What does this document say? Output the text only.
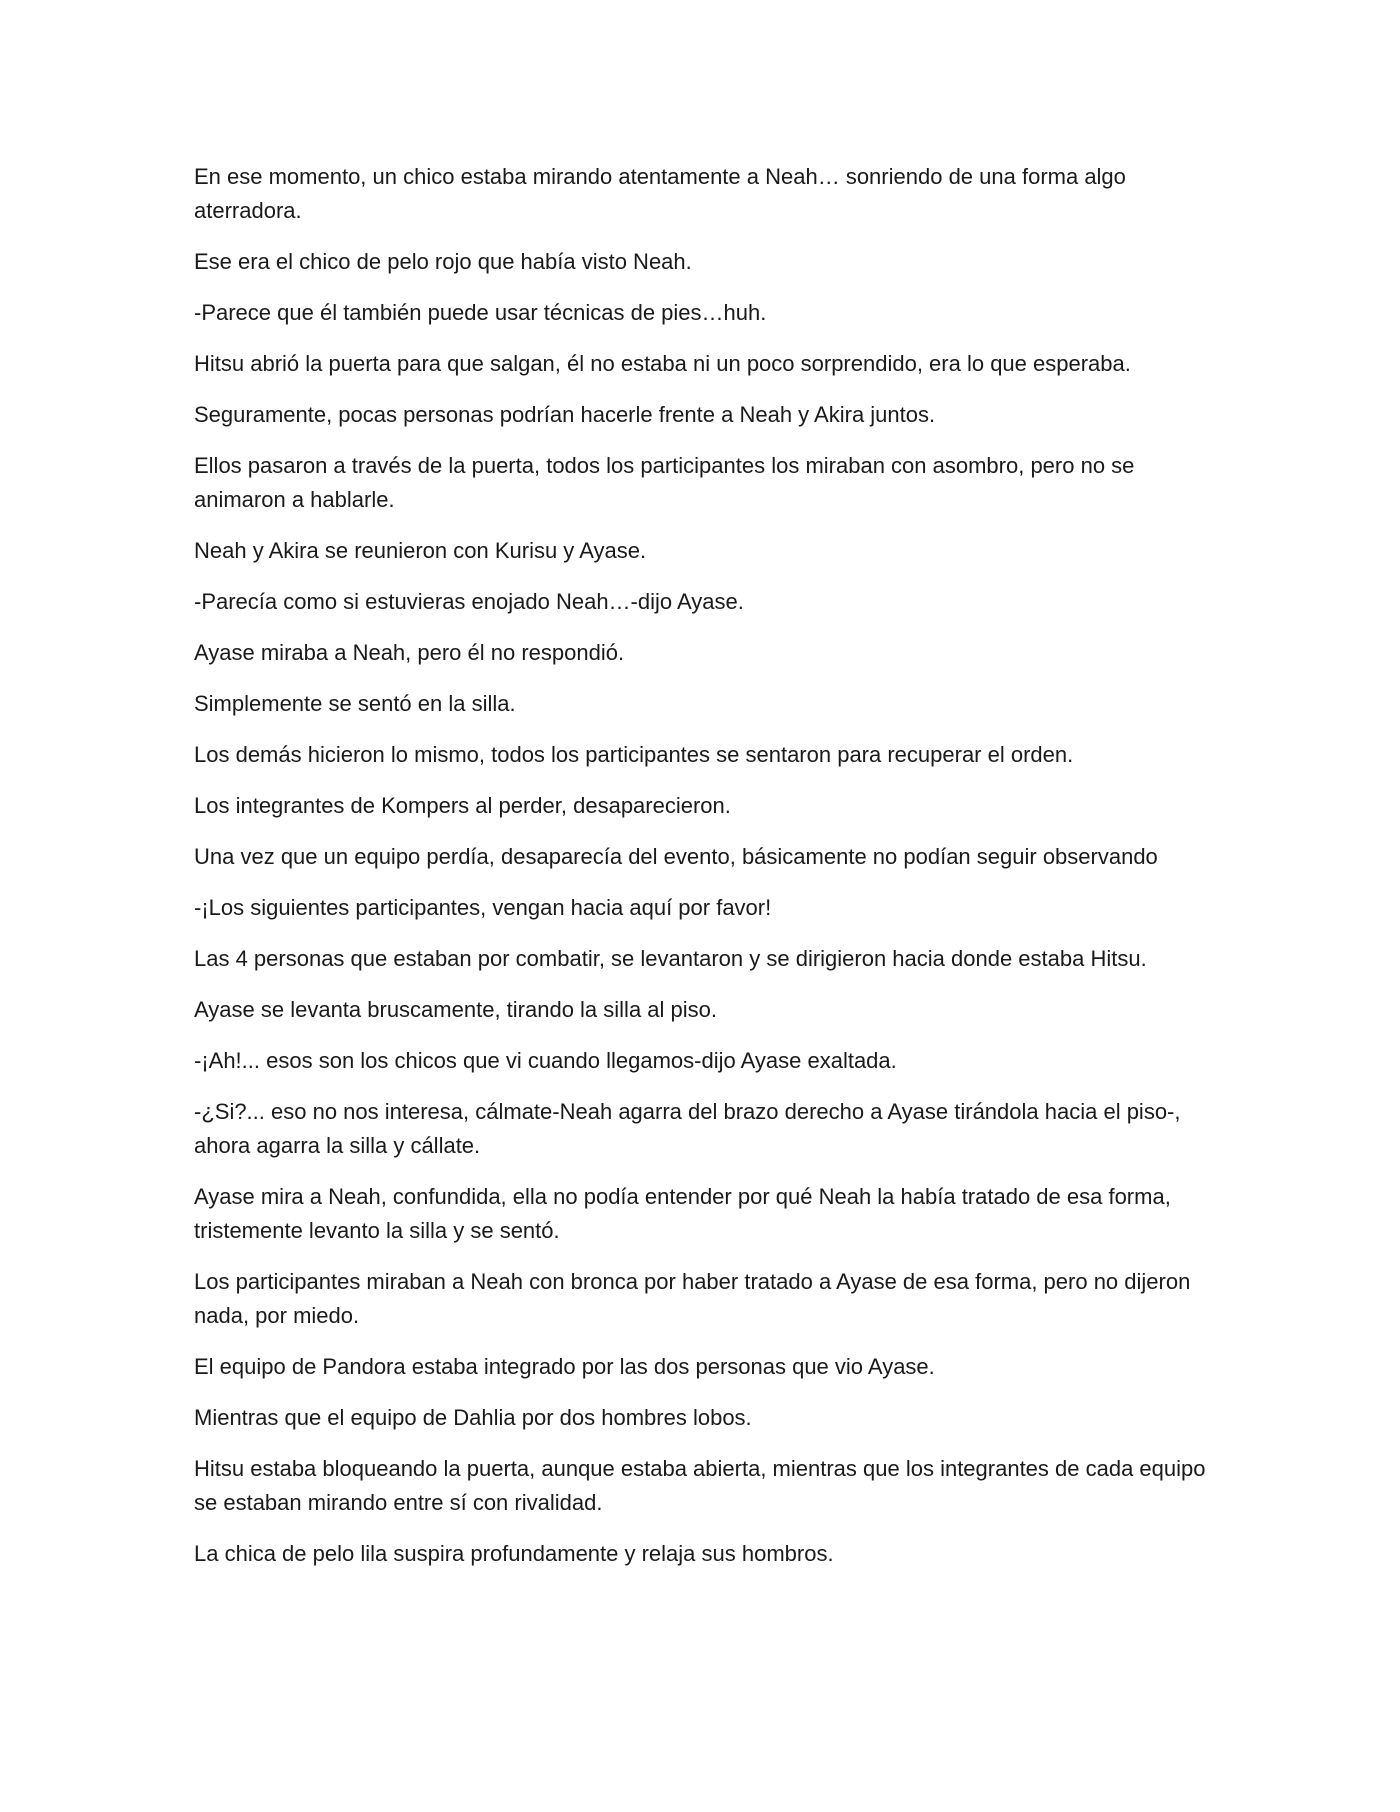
En ese momento, un chico estaba mirando atentamente a Neah… sonriendo de una forma algo aterradora.

Ese era el chico de pelo rojo que había visto Neah.

-Parece que él también puede usar técnicas de pies…huh.

Hitsu abrió la puerta para que salgan, él no estaba ni un poco sorprendido, era lo que esperaba.

Seguramente, pocas personas podrían hacerle frente a Neah y Akira juntos.

Ellos pasaron a través de la puerta, todos los participantes los miraban con asombro, pero no se animaron a hablarle.

Neah y Akira se reunieron con Kurisu y Ayase.

-Parecía como si estuvieras enojado Neah…-dijo Ayase.

Ayase miraba a Neah, pero él no respondió.

Simplemente se sentó en la silla.

Los demás hicieron lo mismo, todos los participantes se sentaron para recuperar el orden.

Los integrantes de Kompers al perder, desaparecieron.

Una vez que un equipo perdía, desaparecía del evento, básicamente no podían seguir observando

-¡Los siguientes participantes, vengan hacia aquí por favor!

Las 4 personas que estaban por combatir, se levantaron y se dirigieron hacia donde estaba Hitsu.

Ayase se levanta bruscamente, tirando la silla al piso.

-¡Ah!... esos son los chicos que vi cuando llegamos-dijo Ayase exaltada.

-¿Si?... eso no nos interesa, cálmate-Neah agarra del brazo derecho a Ayase tirándola hacia el piso-, ahora agarra la silla y cállate.

Ayase mira a Neah, confundida, ella no podía entender por qué Neah la había tratado de esa forma, tristemente levanto la silla y se sentó.

Los participantes miraban a Neah con bronca por haber tratado a Ayase de esa forma, pero no dijeron nada, por miedo.

El equipo de Pandora estaba integrado por las dos personas que vio Ayase.

Mientras que el equipo de Dahlia por dos hombres lobos.

Hitsu estaba bloqueando la puerta, aunque estaba abierta, mientras que los integrantes de cada equipo se estaban mirando entre sí con rivalidad.

La chica de pelo lila suspira profundamente y relaja sus hombros.
